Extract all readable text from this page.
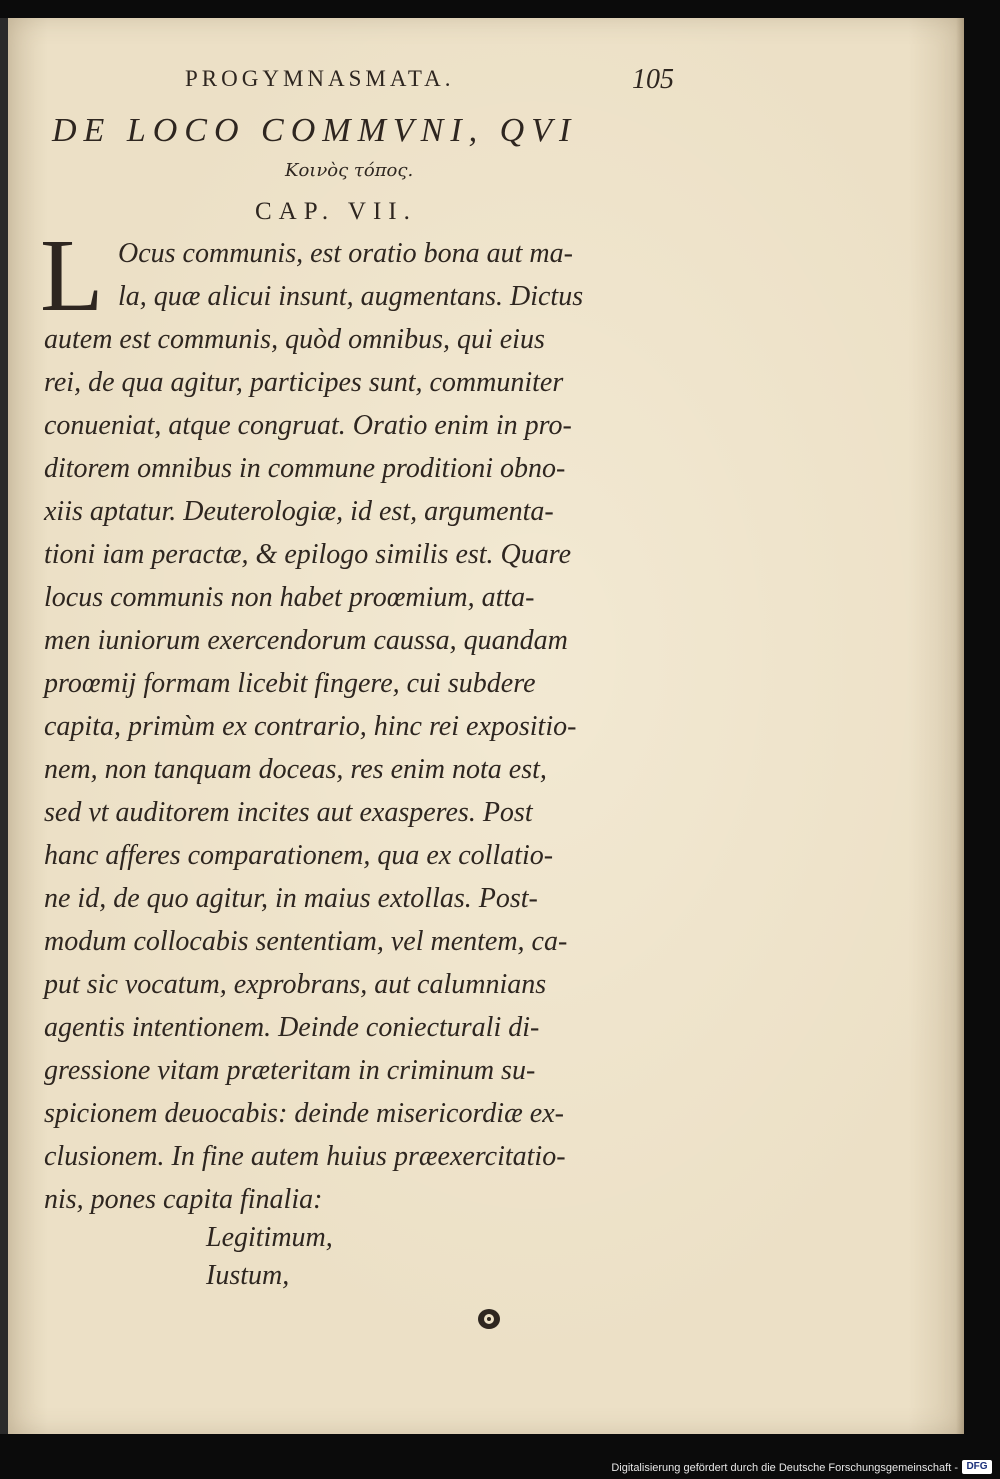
PROGYMNASMATA.	105
DE LOCO COMMVNI, QVI
Κοινὸς τόπος.
CAP. VII.
L Ocus communis, est oratio bona aut ma-
la, quæ alicui insunt, augmentans. Dictus
autem est communis, quòd omnibus, qui eius
rei, de qua agitur, participes sunt, communiter
conueniat, atque congruat. Oratio enim in pro-
ditorem omnibus in commune proditioni obno-
xiis aptatur. Deuterologiæ, id est, argumenta-
tioni iam peractæ, & epilogo similis est. Quare
locus communis non habet proœmium, atta-
men iuniorum exercendorum caussa, quandam
proœmij formam licebit fingere, cui subdere
capita, primùm ex contrario, hinc rei expositio-
nem, non tanquam doceas, res enim nota est,
sed vt auditorem incites aut exasperes. Post
hanc afferes comparationem, qua ex collatio-
ne id, de quo agitur, in maius extollas. Post-
modum collocabis sententiam, vel mentem, ca-
put sic vocatum, exprobrans, aut calumnians
agentis intentionem. Deinde coniecturali di-
gressione vitam præteritam in criminum su-
spicionem deuocabis: deinde misericordiæ ex-
clusionem. In fine autem huius præexercitatio-
nis, pones capita finalia:
Legitimum,
Iustum,
Digitalisierung gefördert durch die Deutsche Forschungsgemeinschaft - DFG
